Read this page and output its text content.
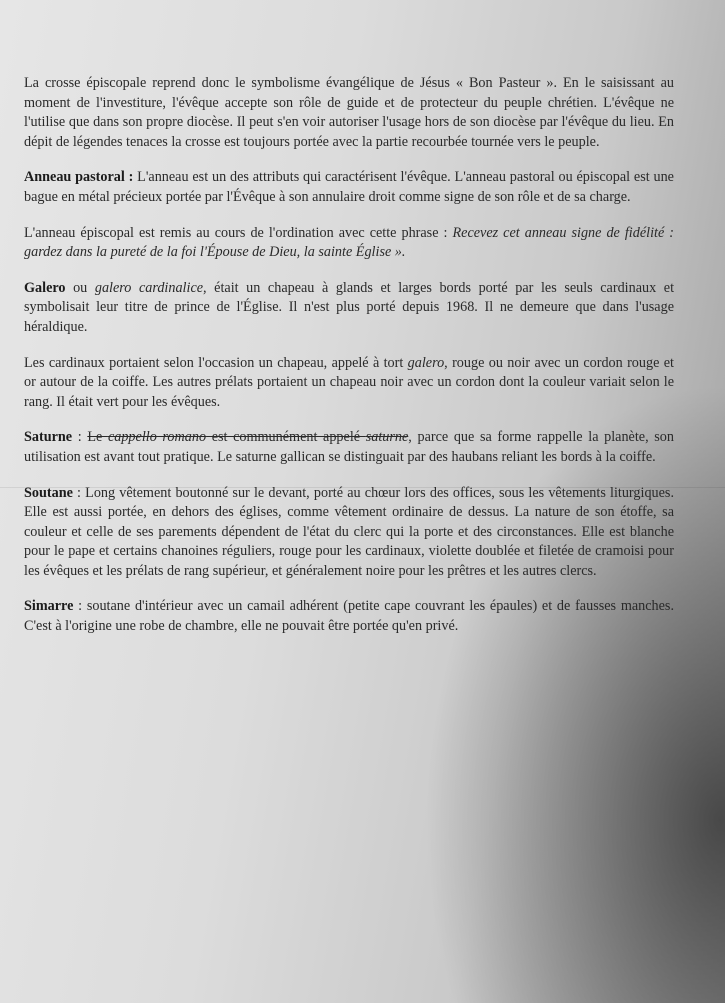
La crosse épiscopale reprend donc le symbolisme évangélique de Jésus « Bon Pasteur ». En le saisissant au moment de l'investiture, l'évêque accepte son rôle de guide et de protecteur du peuple chrétien. L'évêque ne l'utilise que dans son propre diocèse. Il peut s'en voir autoriser l'usage hors de son diocèse par l'évêque du lieu. En dépit de légendes tenaces la crosse est toujours portée avec la partie recourbée tournée vers le peuple.

Anneau pastoral : L'anneau est un des attributs qui caractérisent l'évêque. L'anneau pastoral ou épiscopal est une bague en métal précieux portée par l'Évêque à son annulaire droit comme signe de son rôle et de sa charge.

L'anneau épiscopal est remis au cours de l'ordination avec cette phrase : Recevez cet anneau signe de fidélité : gardez dans la pureté de la foi l'Épouse de Dieu, la sainte Église ».

Galero ou galero cardinalice, était un chapeau à glands et larges bords porté par les seuls cardinaux et symbolisait leur titre de prince de l'Église. Il n'est plus porté depuis 1968. Il ne demeure que dans l'usage héraldique.

Les cardinaux portaient selon l'occasion un chapeau, appelé à tort galero, rouge ou noir avec un cordon rouge et or autour de la coiffe. Les autres prélats portaient un chapeau noir avec un cordon dont la couleur variait selon le rang. Il était vert pour les évêques.

Saturne : Le cappello romano est communément appelé saturne, parce que sa forme rappelle la planète, son utilisation est avant tout pratique. Le saturne gallican se distinguait par des haubans reliant les bords à la coiffe.

Soutane : Long vêtement boutonné sur le devant, porté au chœur lors des offices, sous les vêtements liturgiques. Elle est aussi portée, en dehors des églises, comme vêtement ordinaire de dessus. La nature de son étoffe, sa couleur et celle de ses parements dépendent de l'état du clerc qui la porte et des circonstances. Elle est blanche pour le pape et certains chanoines réguliers, rouge pour les cardinaux, violette doublée et filetée de cramoisi pour les évêques et les prélats de rang supérieur, et généralement noire pour les prêtres et les autres clercs.

Simarre : soutane d'intérieur avec un camail adhérent (petite cape couvrant les épaules) et de fausses manches. C'est à l'origine une robe de chambre, elle ne pouvait être portée qu'en privé.
